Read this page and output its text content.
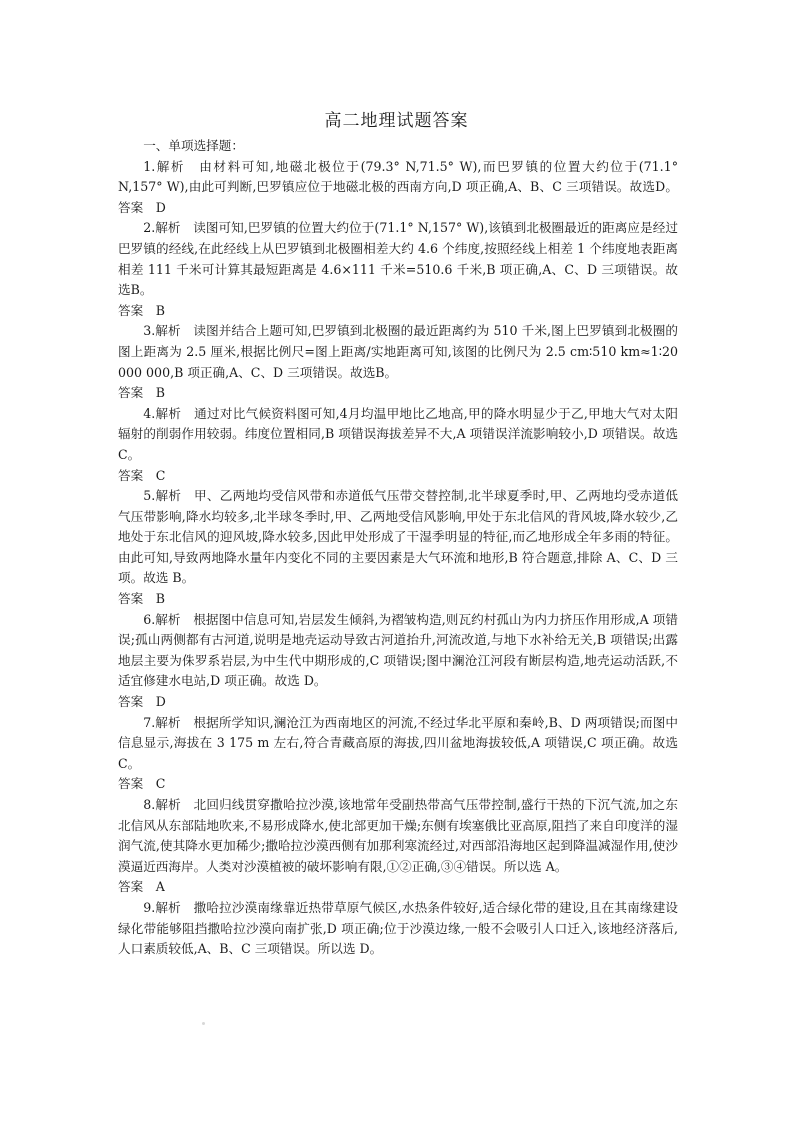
高二地理试题答案

一、单项选择题：

1.解析　由材料可知,地磁北极位于(79.3° N,71.5° W),而巴罗镇的位置大约位于(71.1° N,157° W),由此可判断,巴罗镇应位于地磁北极的西南方向,D 项正确,A、B、C 三项错误。故选D。 答案　D

2.解析　读图可知,巴罗镇的位置大约位于(71.1° N,157° W),该镇到北极圈最近的距离应是经过巴罗镇的经线,在此经线上从巴罗镇到北极圈相差大约 4.6 个纬度,按照经线上相差 1 个纬度地表距离相差 111 千米可计算其最短距离是 4.6×111 千米=510.6 千米,B 项正确,A、C、D 三项错误。故选B。

答案　B

3.解析　读图并结合上题可知,巴罗镇到北极圈的最近距离约为 510 千米,图上巴罗镇到北极圈的图上距离为 2.5 厘米,根据比例尺=图上距离/实地距离可知,该图的比例尺为 2.5 cm∶510 km≈1∶20 000 000,B 项正确,A、C、D 三项错误。故选B。

答案　B

4.解析　通过对比气候资料图可知,4月均温甲地比乙地高,甲的降水明显少于乙,甲地大气对太阳辐射的削弱作用较弱。纬度位置相同,B 项错误海拔差异不大,A 项错误洋流影响较小,D 项错误。故选C。

答案　C

5.解析　甲、乙两地均受信风带和赤道低气压带交替控制,北半球夏季时,甲、乙两地均受赤道低气压带影响,降水均较多,北半球冬季时,甲、乙两地受信风影响,甲处于东北信风的背风坡,降水较少,乙地处于东北信风的迎风坡,降水较多,因此甲处形成了干湿季明显的特征,而乙地形成全年多雨的特征。由此可知,导致两地降水量年内变化不同的主要因素是大气环流和地形,B 符合题意,排除 A、C、D 三项。故选 B。

答案　B

6.解析　根据图中信息可知,岩层发生倾斜,为褶皱构造,则瓦约村孤山为内力挤压作用形成,A 项错误;孤山两侧都有古河道,说明是地壳运动导致古河道抬升,河流改道,与地下水补给无关,B 项错误;出露地层主要为侏罗系岩层,为中生代中期形成的,C 项错误;图中澜沧江河段有断层构造,地壳运动活跃,不适宜修建水电站,D 项正确。故选 D。

答案　D

7.解析　根据所学知识,澜沧江为西南地区的河流,不经过华北平原和秦岭,B、D 两项错误;而图中信息显示,海拔在 3 175 m 左右,符合青藏高原的海拔,四川盆地海拔较低,A 项错误,C 项正确。故选 C。

答案　C

8.解析　北回归线贯穿撒哈拉沙漠,该地常年受副热带高气压带控制,盛行干热的下沉气流,加之东北信风从东部陆地吹来,不易形成降水,使北部更加干燥;东侧有埃塞俄比亚高原,阻挡了来自印度洋的湿润气流,使其降水更加稀少;撒哈拉沙漠西侧有加那利寒流经过,对西部沿海地区起到降温减湿作用,使沙漠逼近西海岸。人类对沙漠植被的破坏影响有限,①②正确,③④错误。所以选 A。

答案　A

9.解析　撒哈拉沙漠南缘靠近热带草原气候区,水热条件较好,适合绿化带的建设,且在其南缘建设绿化带能够阻挡撒哈拉沙漠向南扩张,D 项正确;位于沙漠边缘,一般不会吸引人口迁入,该地经济落后,人口素质较低,A、B、C 三项错误。所以选 D。
